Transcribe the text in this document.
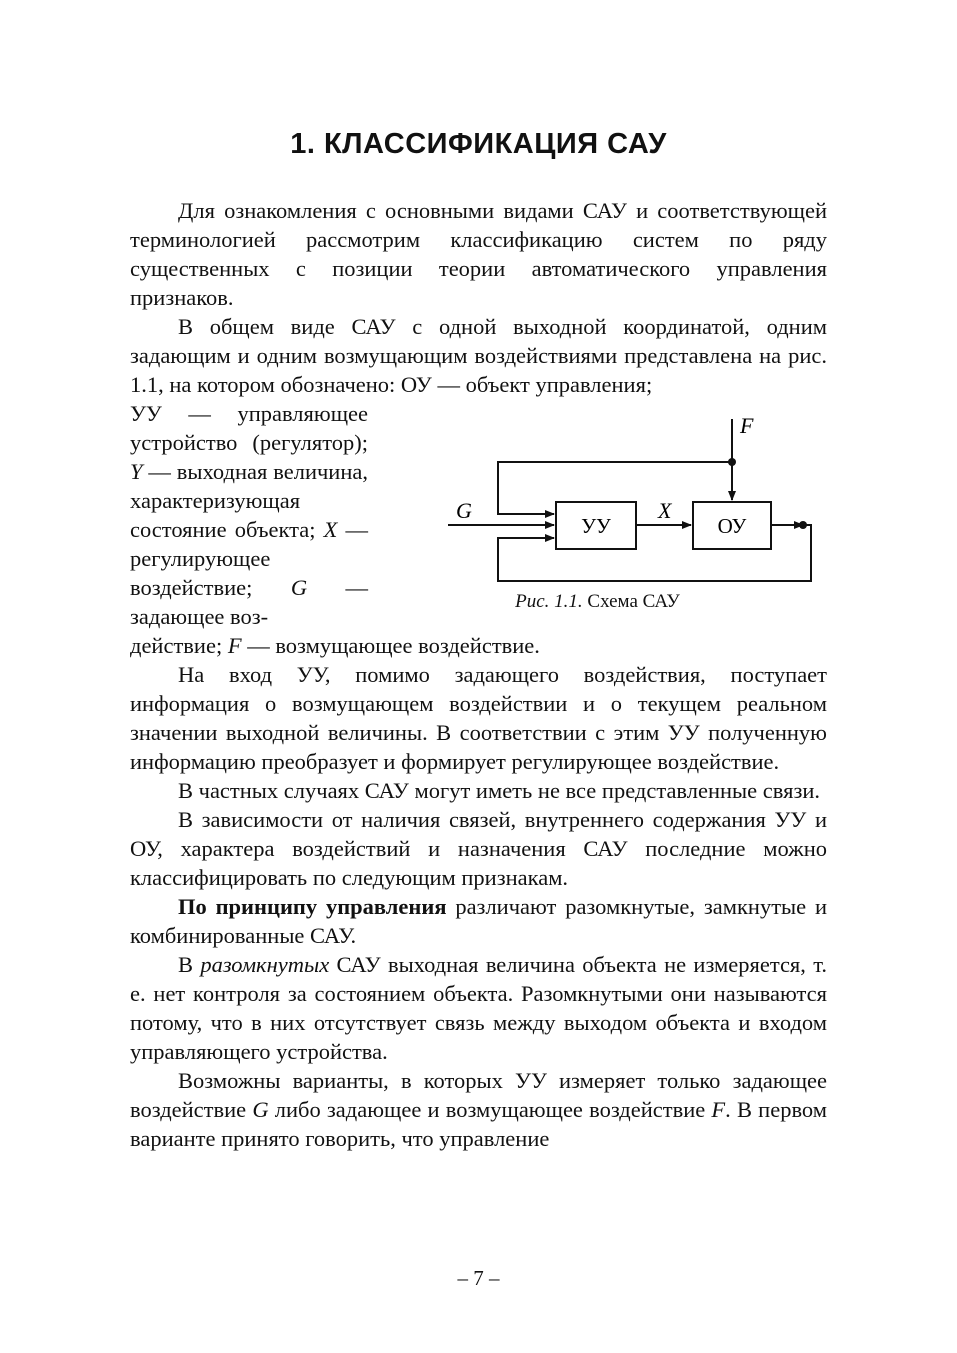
1. КЛАССИФИКАЦИЯ САУ

Для ознакомления с основными видами САУ и соответствующей терминологией рассмотрим классификацию систем по ряду существенных с позиции теории автоматического управления признаков.

В общем виде САУ с одной выходной координатой, одним задающим и одним возмущающим воздействиями представлена на рис. 1.1, на котором обозначено: ОУ — объект управления;

УУ — управляющее устройство (регулятор); Y — выходная величина, характеризующая состояние объекта; X — регулирующее воздействие; G — задающее воз-

УУ	ОУ
G	X
F
Рис. 1.1. Схема САУ

действие; F — возмущающее воздействие.

На вход УУ, помимо задающего воздействия, поступает информация о возмущающем воздействии и о текущем реальном значении выходной величины. В соответствии с этим УУ полученную информацию преобразует и формирует регулирующее воздействие.

В частных случаях САУ могут иметь не все представленные связи.

В зависимости от наличия связей, внутреннего содержания УУ и ОУ, характера воздействий и назначения САУ последние можно классифицировать по следующим признакам.

По принципу управления различают разомкнутые, замкнутые и комбинированные САУ.

В разомкнутых САУ выходная величина объекта не измеряется, т. е. нет контроля за состоянием объекта. Разомкнутыми они называются потому, что в них отсутствует связь между выходом объекта и входом управляющего устройства.

Возможны варианты, в которых УУ измеряет только задающее воздействие G либо задающее и возмущающее воздействие F. В первом варианте принято говорить, что управление

– 7 –
